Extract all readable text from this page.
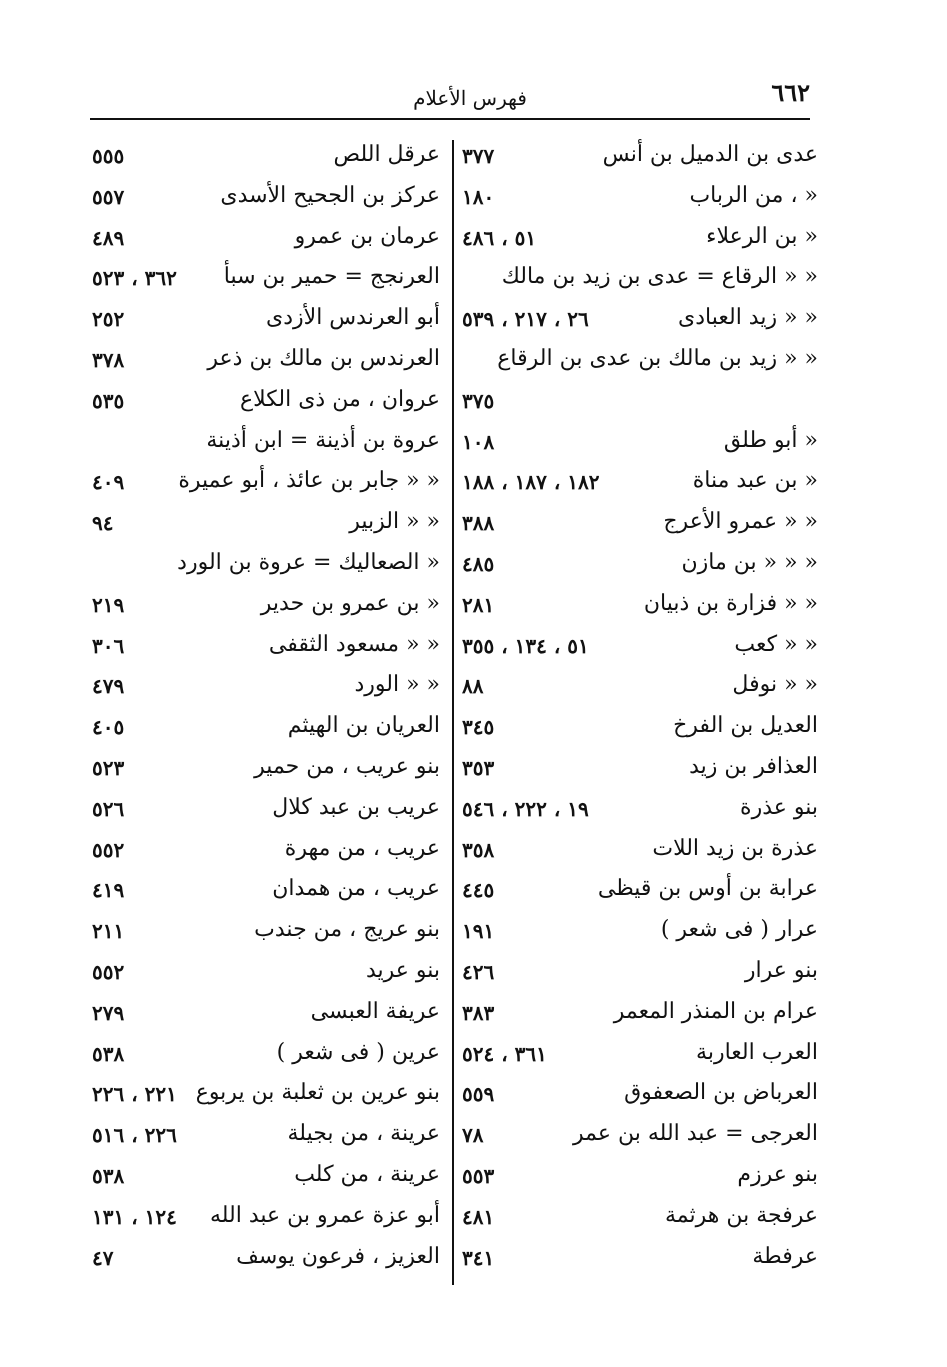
٦٦٢
فهرس الأعلام
عدى بن الدميل بن أنس
٣٧٧
« ، من الرباب
١٨٠
« بن الرعلاء
٥١ ، ٤٨٦
« « الرقاع = عدى بن زيد بن مالك
« « زيد العبادى
٢٦ ، ٢١٧ ، ٥٣٩
« « زيد بن مالك بن عدى بن الرقاع
٣٧٥
« أبو طلق
١٠٨
« بن عبد مناة
١٨٢ ، ١٨٧ ، ١٨٨
« « عمرو الأعرج
٣٨٨
« « « بن مازن
٤٨٥
« « فزارة بن ذبيان
٢٨١
« « كعب
٥١ ، ١٣٤ ، ٣٥٥
« « نوفل
٨٨
العديل بن الفرخ
٣٤٥
العذافر بن زيد
٣٥٣
بنو عذرة
١٩ ، ٢٢٢ ، ٥٤٦
عذرة بن زيد اللات
٣٥٨
عرابة بن أوس بن قيظى
٤٤٥
عرار ( فى شعر )
١٩١
بنو عرار
٤٢٦
عرام بن المنذر المعمر
٣٨٣
العرب العاربة
٣٦١ ، ٥٢٤
العرباض بن الصعفوق
٥٥٩
العرجى = عبد الله بن عمر
٧٨
بنو عرزم
٥٥٣
عرفجة بن هرثمة
٤٨١
عرفطة
٣٤١
عرقل اللص
٥٥٥
عركز بن الجحيح الأسدى
٥٥٧
عرمان بن عمرو
٤٨٩
العرنجج = حمير بن سبأ
٣٦٢ ، ٥٢٣
أبو العرندس الأزدى
٢٥٢
العرندس بن مالك بن ذعر
٣٧٨
عروان ، من ذى الكلاع
٥٣٥
عروة بن أذينة = ابن أذينة
« « جابر بن عائذ ، أبو عميرة
٤٠٩
« « الزبير
٩٤
« الصعاليك = عروة بن الورد
« بن عمرو بن حدير
٢١٩
« « مسعود الثقفى
٣٠٦
« « الورد
٤٧٩
العريان بن الهيثم
٤٠٥
بنو عريب ، من حمير
٥٢٣
عريب بن عبد كلال
٥٢٦
عريب ، من مهرة
٥٥٢
عريب ، من همدان
٤١٩
بنو عريج ، من جندب
٢١١
بنو عريد
٥٥٢
عريفة العبسى
٢٧٩
عرين ( فى شعر )
٥٣٨
بنو عرين بن ثعلبة بن يربوع
٢٢١ ، ٢٢٦
عرينة ، من بجيلة
٢٢٦ ، ٥١٦
عرينة ، من كلب
٥٣٨
أبو عزة عمرو بن عبد الله
١٢٤ ، ١٣١
العزيز ، فرعون يوسف
٤٧
